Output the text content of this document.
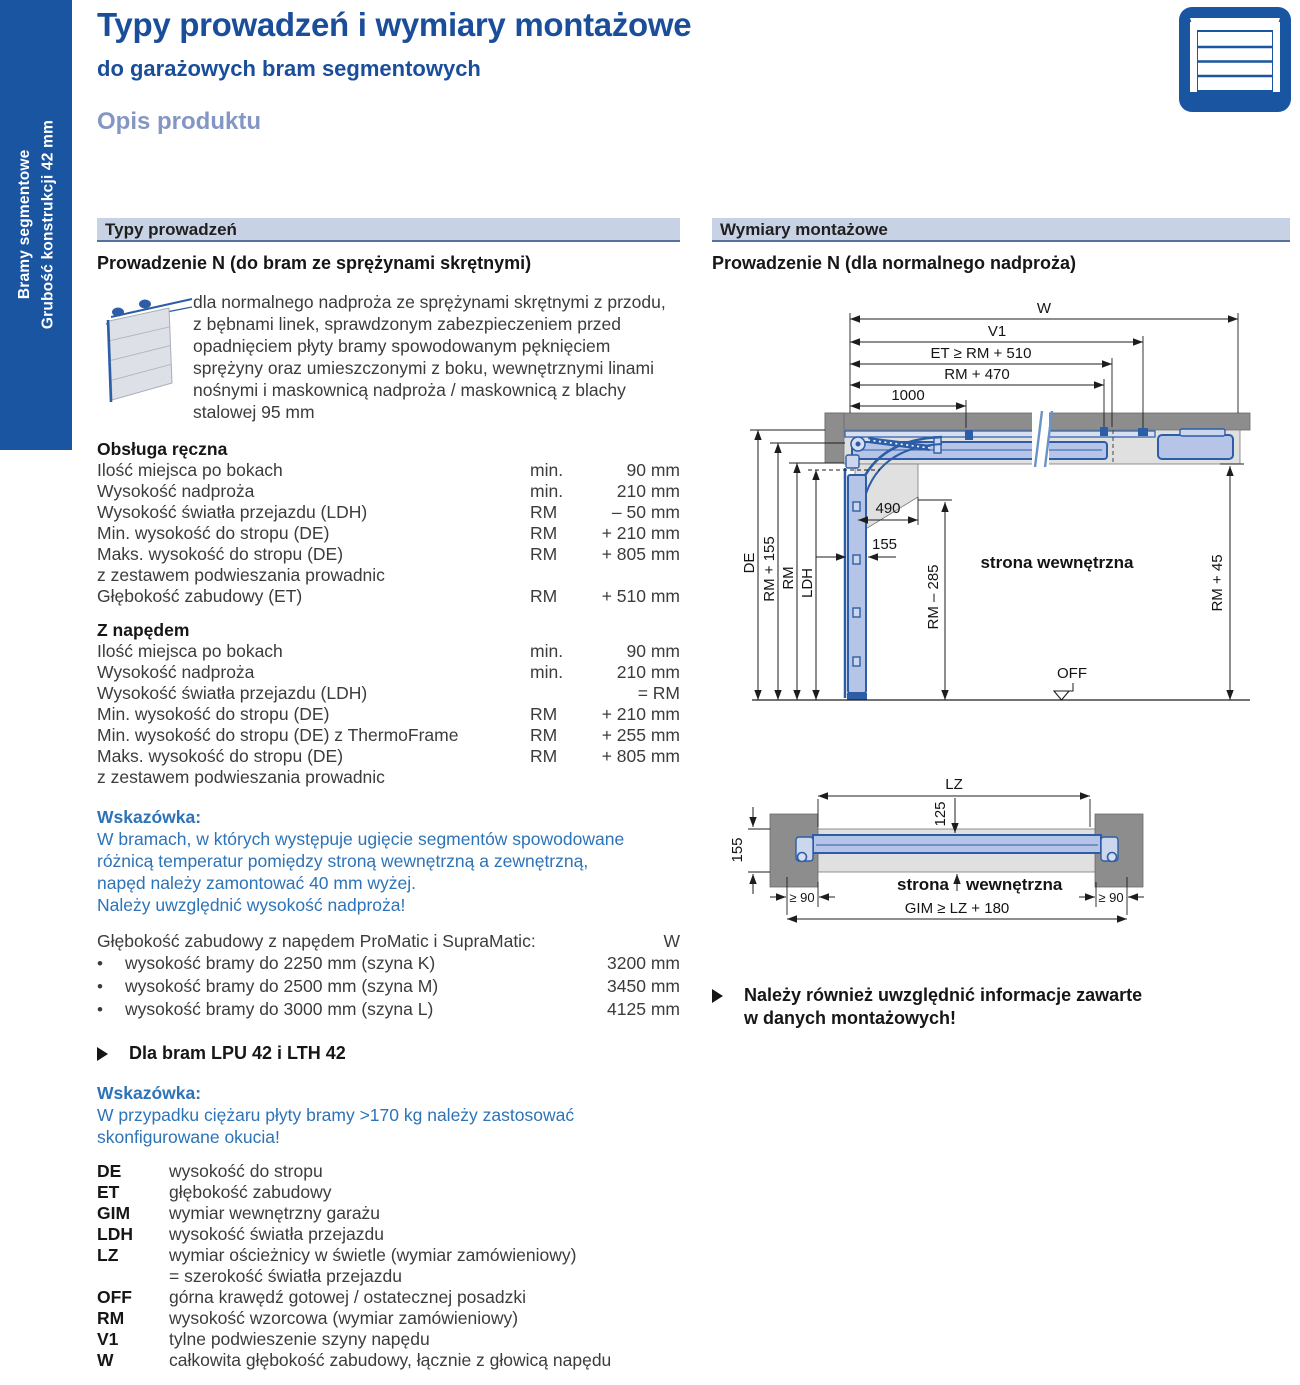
Bramy segmentowe Grubość konstrukcji 42 mm
Typy prowadzeń i wymiary montażowe
do garażowych bram segmentowych
Opis produktu
Typy prowadzeń
Prowadzenie N (do bram ze sprężynami skrętnymi)
dla normalnego nadproża ze sprężynami skrętnymi z przodu,
z bębnami linek, sprawdzonym zabezpieczeniem przed
opadnięciem płyty bramy spowodowanym pęknięciem
sprężyny oraz umieszczonymi z boku, wewnętrznymi linami
nośnymi i maskownicą nadproża / maskownicą z blachy
stalowej 95 mm
Obsługa ręczna
Ilość miejsca po bokach	min.	90 mm
Wysokość nadproża	min.	210 mm
Wysokość światła przejazdu (LDH)	RM	– 50 mm
Min. wysokość do stropu (DE)	RM	+ 210 mm
Maks. wysokość do stropu (DE)	RM	+ 805 mm
z zestawem podwieszania prowadnic
Głębokość zabudowy (ET)	RM	+ 510 mm
Z napędem
Ilość miejsca po bokach	min.	90 mm
Wysokość nadproża	min.	210 mm
Wysokość światła przejazdu (LDH)	= RM
Min. wysokość do stropu (DE)	RM	+ 210 mm
Min. wysokość do stropu (DE) z ThermoFrame	RM	+ 255 mm
Maks. wysokość do stropu (DE)	RM	+ 805 mm
z zestawem podwieszania prowadnic
Wskazówka:
W bramach, w których występuje ugięcie segmentów spowodowane
różnicą temperatur pomiędzy stroną wewnętrzną a zewnętrzną,
napęd należy zamontować 40 mm wyżej.
Należy uwzględnić wysokość nadproża!
Głębokość zabudowy z napędem ProMatic i SupraMatic:	W
•
wysokość bramy do 2250 mm (szyna K)	3200 mm
•
wysokość bramy do 2500 mm (szyna M)	3450 mm
•
wysokość bramy do 3000 mm (szyna L)	4125 mm
Dla bram LPU 42 i LTH 42
Wskazówka:
W przypadku ciężaru płyty bramy >170 kg należy zastosować
skonfigurowane okucia!
DE	wysokość do stropu
ET	głębokość zabudowy
GIM	wymiar wewnętrzny garażu
LDH	wysokość światła przejazdu
LZ	wymiar ościeżnicy w świetle (wymiar zamówieniowy)
= szerokość światła przejazdu
OFF	górna krawędź gotowej / ostatecznej posadzki
RM	wysokość wzorcowa (wymiar zamówieniowy)
V1	tylne podwieszenie szyny napędu
W	całkowita głębokość zabudowy, łącznie z głowicą napędu
Wymiary montażowe
Prowadzenie N (dla normalnego nadproża)
W
V1
ET ≥ RM + 510
RM + 470
1000
DE RM + 155 RM LDH
490
155
RM – 285	RM + 45
strona wewnętrzna
OFF
LZ
125
155
≥ 90	≥ 90
GIM ≥ LZ + 180
strona wewnętrzna
Należy również uwzględnić informacje zawarte
w danych montażowych!
